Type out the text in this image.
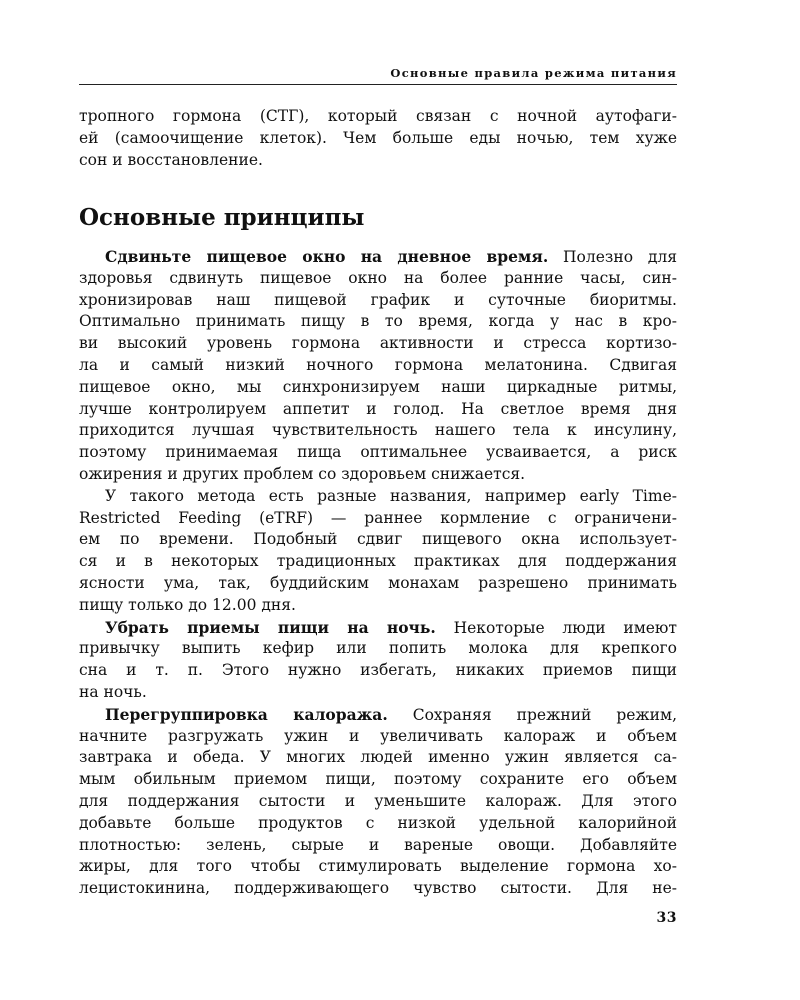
Основные правила режима питания
тропного гормона (СТГ), который связан с ночной аутофаги-
ей (самоочищение клеток). Чем больше еды ночью, тем хуже
сон и восстановление.
Основные принципы
Сдвиньте пищевое окно на дневное время. Полезно для
здоровья сдвинуть пищевое окно на более ранние часы, син-
хронизировав наш пищевой график и суточные биоритмы.
Оптимально принимать пищу в то время, когда у нас в кро-
ви высокий уровень гормона активности и стресса кортизо-
ла и самый низкий ночного гормона мелатонина. Сдвигая
пищевое окно, мы синхронизируем наши циркадные ритмы,
лучше контролируем аппетит и голод. На светлое время дня
приходится лучшая чувствительность нашего тела к инсулину,
поэтому принимаемая пища оптимальнее усваивается, а риск
ожирения и других проблем со здоровьем снижается.
У такого метода есть разные названия, например early Time-
Restricted Feeding (eTRF) — раннее кормление с ограничени-
ем по времени. Подобный сдвиг пищевого окна использует-
ся и в некоторых традиционных практиках для поддержания
ясности ума, так, буддийским монахам разрешено принимать
пищу только до 12.00 дня.
Убрать приемы пищи на ночь. Некоторые люди имеют
привычку выпить кефир или попить молока для крепкого
сна и т. п. Этого нужно избегать, никаких приемов пищи
на ночь.
Перегруппировка калоража. Сохраняя прежний режим,
начните разгружать ужин и увеличивать калораж и объем
завтрака и обеда. У многих людей именно ужин является са-
мым обильным приемом пищи, поэтому сохраните его объем
для поддержания сытости и уменьшите калораж. Для этого
добавьте больше продуктов с низкой удельной калорийной
плотностью: зелень, сырые и вареные овощи. Добавляйте
жиры, для того чтобы стимулировать выделение гормона хо-
лецистокинина, поддерживающего чувство сытости. Для не-
33
